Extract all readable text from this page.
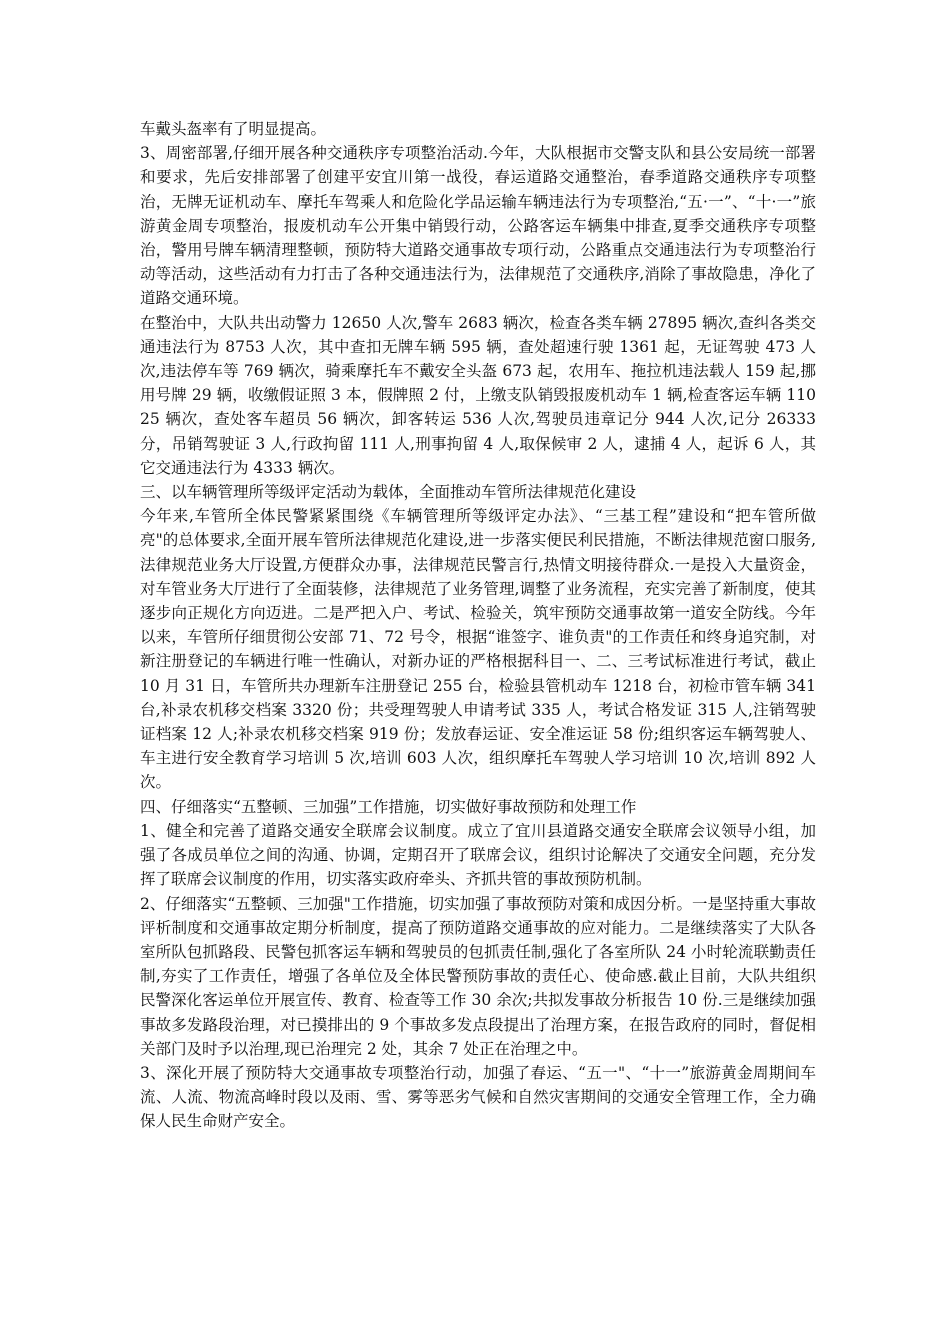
车戴头盔率有了明显提高。

3、周密部署,仔细开展各种交通秩序专项整治活动.今年，大队根据市交警支队和县公安局统一部署和要求，先后安排部署了创建平安宜川第一战役，春运道路交通整治，春季道路交通秩序专项整治，无牌无证机动车、摩托车驾乘人和危险化学品运输车辆违法行为专项整治,“五·一”、“十·一”旅游黄金周专项整治，报废机动车公开集中销毁行动，公路客运车辆集中排查,夏季交通秩序专项整治，警用号牌车辆清理整顿，预防特大道路交通事故专项行动，公路重点交通违法行为专项整治行动等活动，这些活动有力打击了各种交通违法行为，法律规范了交通秩序,消除了事故隐患，净化了道路交通环境。

在整治中，大队共出动警力 12650 人次,警车 2683 辆次，检查各类车辆 27895 辆次,查纠各类交通违法行为 8753 人次，其中查扣无牌车辆 595 辆，查处超速行驶 1361 起，无证驾驶 473 人次,违法停车等 769 辆次，骑乘摩托车不戴安全头盔 673 起，农用车、拖拉机违法载人 159 起,挪用号牌 29 辆，收缴假证照 3 本，假牌照 2 付，上缴支队销毁报废机动车 1 辆,检查客运车辆 11025 辆次，查处客车超员 56 辆次，卸客转运 536 人次,驾驶员违章记分 944 人次,记分 26333 分，吊销驾驶证 3 人,行政拘留 111 人,刑事拘留 4 人,取保候审 2 人，逮捕 4 人，起诉 6 人，其它交通违法行为 4333 辆次。

三、以车辆管理所等级评定活动为载体，全面推动车管所法律规范化建设

今年来,车管所全体民警紧紧围绕《车辆管理所等级评定办法》、“三基工程”建设和“把车管所做亮"的总体要求,全面开展车管所法律规范化建设,进一步落实便民利民措施，不断法律规范窗口服务,法律规范业务大厅设置,方便群众办事，法律规范民警言行,热情文明接待群众.一是投入大量资金，对车管业务大厅进行了全面装修，法律规范了业务管理,调整了业务流程，充实完善了新制度，使其逐步向正规化方向迈进。二是严把入户、考试、检验关，筑牢预防交通事故第一道安全防线。今年以来，车管所仔细贯彻公安部 71、72 号令，根据“谁签字、谁负责"的工作责任和终身追究制，对新注册登记的车辆进行唯一性确认，对新办证的严格根据科目一、二、三考试标准进行考试，截止 10 月 31 日，车管所共办理新车注册登记 255 台，检验县管机动车 1218 台，初检市管车辆 341 台,补录农机移交档案 3320 份；共受理驾驶人申请考试 335 人，考试合格发证 315 人,注销驾驶证档案 12 人;补录农机移交档案 919 份；发放春运证、安全准运证 58 份;组织客运车辆驾驶人、车主进行安全教育学习培训 5 次,培训 603 人次，组织摩托车驾驶人学习培训 10 次,培训 892 人次。

四、仔细落实“五整顿、三加强”工作措施，切实做好事故预防和处理工作

1、健全和完善了道路交通安全联席会议制度。成立了宜川县道路交通安全联席会议领导小组，加强了各成员单位之间的沟通、协调，定期召开了联席会议，组织讨论解决了交通安全问题，充分发挥了联席会议制度的作用，切实落实政府牵头、齐抓共管的事故预防机制。

2、仔细落实“五整顿、三加强"工作措施，切实加强了事故预防对策和成因分析。一是坚持重大事故评析制度和交通事故定期分析制度，提高了预防道路交通事故的应对能力。二是继续落实了大队各室所队包抓路段、民警包抓客运车辆和驾驶员的包抓责任制,强化了各室所队 24 小时轮流联勤责任制,夯实了工作责任，增强了各单位及全体民警预防事故的责任心、使命感.截止目前，大队共组织民警深化客运单位开展宣传、教育、检查等工作 30 余次;共拟发事故分析报告 10 份.三是继续加强事故多发路段治理，对已摸排出的 9 个事故多发点段提出了治理方案，在报告政府的同时，督促相关部门及时予以治理,现已治理完 2 处，其余 7 处正在治理之中。

3、深化开展了预防特大交通事故专项整治行动，加强了春运、“五一"、“十一”旅游黄金周期间车流、人流、物流高峰时段以及雨、雪、雾等恶劣气候和自然灾害期间的交通安全管理工作，全力确保人民生命财产安全。
